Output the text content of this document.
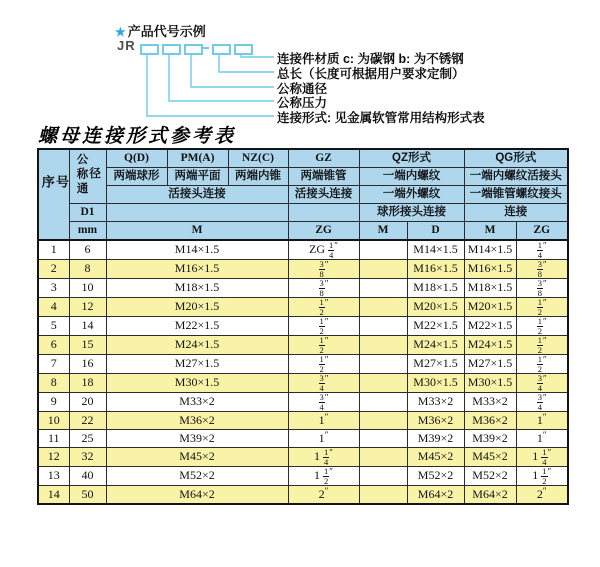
★ 产品代号示例
JR
连接件材质 c: 为碳钢 b: 为不锈钢
总长（长度可根据用户要求定制）
公称通径
公称压力
连接形式: 见金属软管常用结构形式表
螺母连接形式参考表
序号	公称通径	Q(D)	PM(A)	NZ(C)	GZ	QZ形式		QG形式	
		两端球形	两端平面	两端内锥	两端锥管	一端内螺纹		一端内螺纹活接头	
		活接头连接			活接头连接	一端外螺纹		一端锥管螺纹接头	
	D1					球形接头连接		连接	
	mm	M			ZG	M	D	M	ZG
1	6	M14×1.5			ZG $\frac{1}{4} ''$		M14×1.5	M14×1.5	$\frac{1}{4} ''$
2	8	M16×1.5			$\frac{3}{8} ''$		M16×1.5	M16×1.5	$\frac{3}{8} ''$
3	10	M18×1.5			$\frac{3}{8} ''$		M18×1.5	M18×1.5	$\frac{3}{8} ''$
4	12	M20×1.5			$\frac{1}{2} ''$		M20×1.5	M20×1.5	$\frac{1}{2} ''$
5	14	M22×1.5			$\frac{1}{2} ''$		M22×1.5	M22×1.5	$\frac{1}{2} ''$
6	15	M24×1.5			$\frac{1}{2} ''$		M24×1.5	M24×1.5	$\frac{1}{2} ''$
7	16	M27×1.5			$\frac{1}{2} ''$		M27×1.5	M27×1.5	$\frac{1}{2} ''$
8	18	M30×1.5			$\frac{3}{4} ''$		M30×1.5	M30×1.5	$\frac{3}{4} ''$
9	20	M33×2			$\frac{3}{4} ''$		M33×2	M33×2	$\frac{3}{4} ''$
10	22	M36×2			1″		M36×2	M36×2	1″
11	25	M39×2			1″		M39×2	M39×2	1″
12	32	M45×2			$1 \frac{1}{4} ''$		M45×2	M45×2	$1 \frac{1}{4} ''$
13	40	M52×2			$1 \frac{1}{2} ''$		M52×2	M52×2	$1 \frac{1}{2} ''$
14	50	M64×2			2″		M64×2	M64×2	2″
